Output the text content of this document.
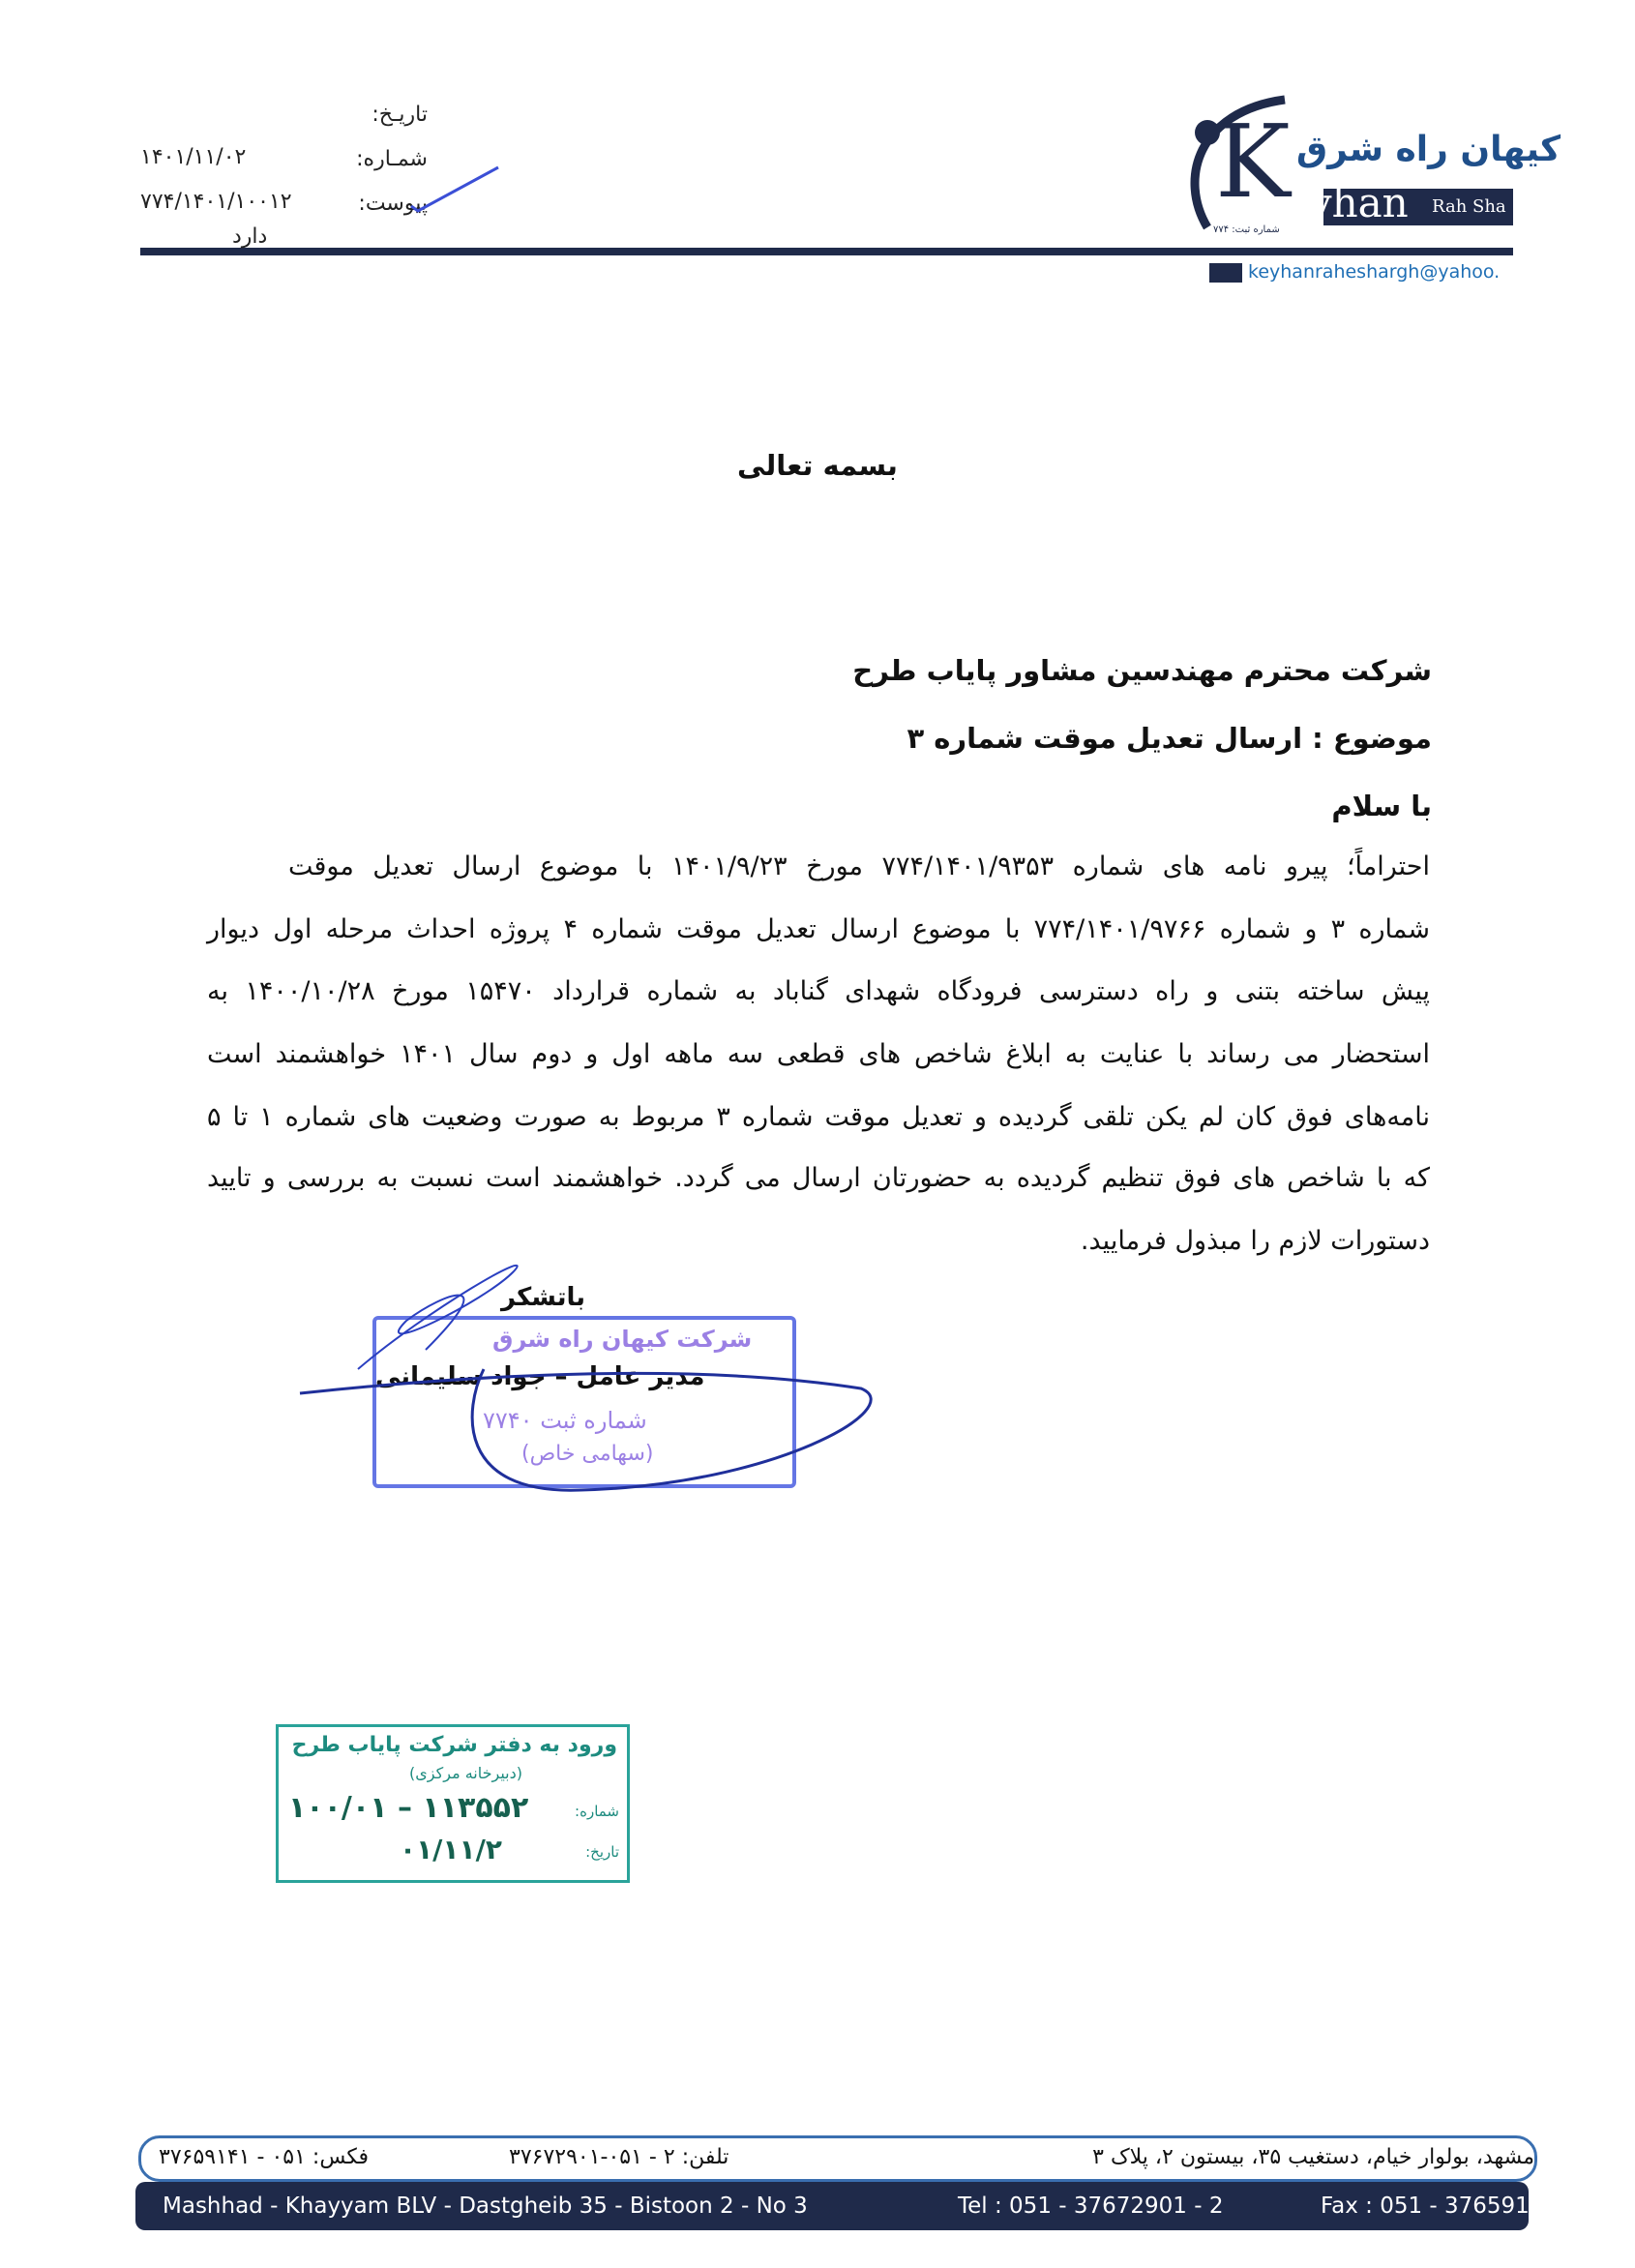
K کیهان راه شرق
eyhan Rah Sha
شماره ثبت: ۷۷۴
keyhanraheshargh@yahoo.
تاریـخ:
شمـاره:
پیوست:
۱۴۰۱/۱۱/۰۲
۷۷۴/۱۴۰۱/۱۰۰۱۲
دارد
بسمه تعالی
شرکت محترم مهندسین مشاور پایاب طرح
موضوع : ارسال تعدیل موقت شماره ۳
با سلام
احتراماً؛ پیرو نامه های شماره ۷۷۴/۱۴۰۱/۹۳۵۳ مورخ ۱۴۰۱/۹/۲۳ با موضوع ارسال تعدیل موقت
شماره ۳ و شماره ۷۷۴/۱۴۰۱/۹۷۶۶ با موضوع ارسال تعدیل موقت شماره ۴ پروژه احداث مرحله اول دیوار
پیش ساخته بتنی و راه دسترسی فرودگاه شهدای گناباد به شماره قرارداد ۱۵۴۷۰ مورخ ۱۴۰۰/۱۰/۲۸ به
استحضار می رساند با عنایت به ابلاغ شاخص های قطعی سه ماهه اول و دوم سال ۱۴۰۱ خواهشمند است
نامه‌های فوق کان لم یکن تلقی گردیده و تعدیل موقت شماره ۳ مربوط به صورت وضعیت های شماره ۱ تا ۵
که با شاخص های فوق تنظیم گردیده به حضورتان ارسال می گردد. خواهشمند است نسبت به بررسی و تایید
دستورات لازم را مبذول فرمایید.
شرکت کیهان راه شرق
شماره ثبت ۷۷۴۰
(سهامی خاص)
باتشکر
مدیر عامل – جواد سلیمانی
ورود به دفتر شرکت پایاب طرح
(دبیرخانه مرکزی)
شماره:
۱۱۳۵۵۲ – ۱۰۰/۰۱
تاریخ:
۰۱/۱۱/۲
مشهد، بولوار خیام، دستغیب ۳۵، بیستون ۲، پلاک ۳
تلفن: ۲ - ۰۵۱-۳۷۶۷۲۹۰۱
فکس: ۰۵۱ - ۳۷۶۵۹۱۴۱
Mashhad - Khayyam BLV - Dastgheib 35 - Bistoon 2 - No 3	Tel : 051 - 37672901 - 2	Fax : 051 - 3765914
